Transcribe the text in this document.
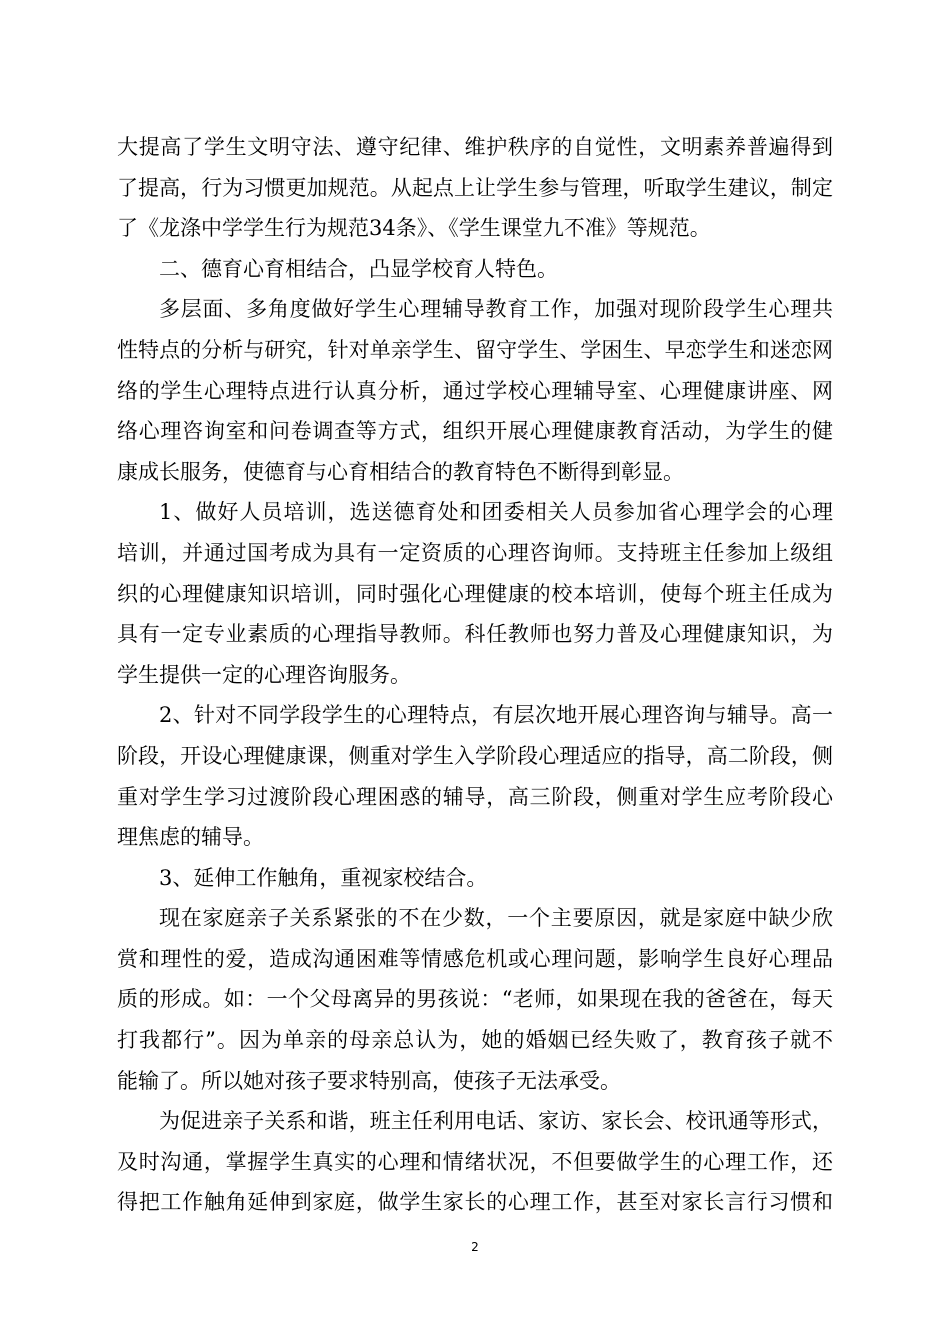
大提高了学生文明守法、遵守纪律、维护秩序的自觉性，文明素养普遍得到
了提高，行为习惯更加规范。从起点上让学生参与管理，听取学生建议，制定
了《龙涤中学学生行为规范34条》、《学生课堂九不准》等规范。
二、德育心育相结合，凸显学校育人特色。
多层面、多角度做好学生心理辅导教育工作，加强对现阶段学生心理共
性特点的分析与研究，针对单亲学生、留守学生、学困生、早恋学生和迷恋网
络的学生心理特点进行认真分析，通过学校心理辅导室、心理健康讲座、网
络心理咨询室和问卷调查等方式，组织开展心理健康教育活动，为学生的健
康成长服务，使德育与心育相结合的教育特色不断得到彰显。
1、做好人员培训，选送德育处和团委相关人员参加省心理学会的心理
培训，并通过国考成为具有一定资质的心理咨询师。支持班主任参加上级组
织的心理健康知识培训，同时强化心理健康的校本培训，使每个班主任成为
具有一定专业素质的心理指导教师。科任教师也努力普及心理健康知识，为
学生提供一定的心理咨询服务。
2、针对不同学段学生的心理特点，有层次地开展心理咨询与辅导。高一
阶段，开设心理健康课，侧重对学生入学阶段心理适应的指导，高二阶段，侧
重对学生学习过渡阶段心理困惑的辅导，高三阶段，侧重对学生应考阶段心
理焦虑的辅导。
3、延伸工作触角，重视家校结合。
现在家庭亲子关系紧张的不在少数，一个主要原因，就是家庭中缺少欣
赏和理性的爱，造成沟通困难等情感危机或心理问题，影响学生良好心理品
质的形成。如：一个父母离异的男孩说：“老师，如果现在我的爸爸在，每天
打我都行”。因为单亲的母亲总认为，她的婚姻已经失败了，教育孩子就不
能输了。所以她对孩子要求特别高，使孩子无法承受。
为促进亲子关系和谐，班主任利用电话、家访、家长会、校讯通等形式，
及时沟通，掌握学生真实的心理和情绪状况，不但要做学生的心理工作，还
得把工作触角延伸到家庭，做学生家长的心理工作，甚至对家长言行习惯和
2
